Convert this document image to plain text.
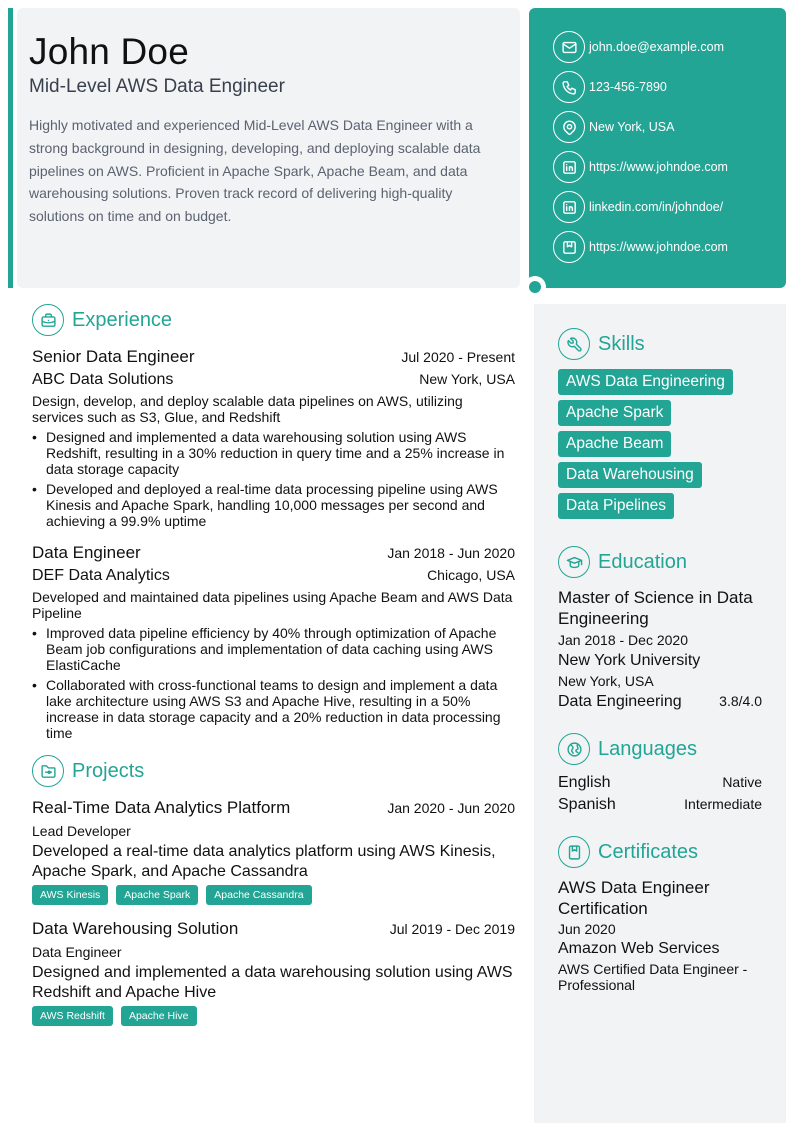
John Doe
Mid-Level AWS Data Engineer
Highly motivated and experienced Mid-Level AWS Data Engineer with a strong background in designing, developing, and deploying scalable data pipelines on AWS. Proficient in Apache Spark, Apache Beam, and data warehousing solutions. Proven track record of delivering high-quality solutions on time and on budget.
john.doe@example.com
123-456-7890
New York, USA
https://www.johndoe.com
linkedin.com/in/johndoe/
https://www.johndoe.com
Experience
Senior Data Engineer	Jul 2020 - Present
ABC Data Solutions	New York, USA
Design, develop, and deploy scalable data pipelines on AWS, utilizing services such as S3, Glue, and Redshift
• Designed and implemented a data warehousing solution using AWS Redshift, resulting in a 30% reduction in query time and a 25% increase in data storage capacity
• Developed and deployed a real-time data processing pipeline using AWS Kinesis and Apache Spark, handling 10,000 messages per second and achieving a 99.9% uptime
Data Engineer	Jan 2018 - Jun 2020
DEF Data Analytics	Chicago, USA
Developed and maintained data pipelines using Apache Beam and AWS Data Pipeline
• Improved data pipeline efficiency by 40% through optimization of Apache Beam job configurations and implementation of data caching using AWS ElastiCache
• Collaborated with cross-functional teams to design and implement a data lake architecture using AWS S3 and Apache Hive, resulting in a 50% increase in data storage capacity and a 20% reduction in data processing time
Projects
Real-Time Data Analytics Platform	Jan 2020 - Jun 2020
Lead Developer
Developed a real-time data analytics platform using AWS Kinesis, Apache Spark, and Apache Cassandra
AWS Kinesis	Apache Spark	Apache Cassandra
Data Warehousing Solution	Jul 2019 - Dec 2019
Data Engineer
Designed and implemented a data warehousing solution using AWS Redshift and Apache Hive
AWS Redshift	Apache Hive
Skills
AWS Data Engineering
Apache Spark
Apache Beam
Data Warehousing
Data Pipelines
Education
Master of Science in Data Engineering
Jan 2018 - Dec 2020
New York University
New York, USA
Data Engineering	3.8/4.0
Languages
English	Native
Spanish	Intermediate
Certificates
AWS Data Engineer Certification
Jun 2020
Amazon Web Services
AWS Certified Data Engineer - Professional
